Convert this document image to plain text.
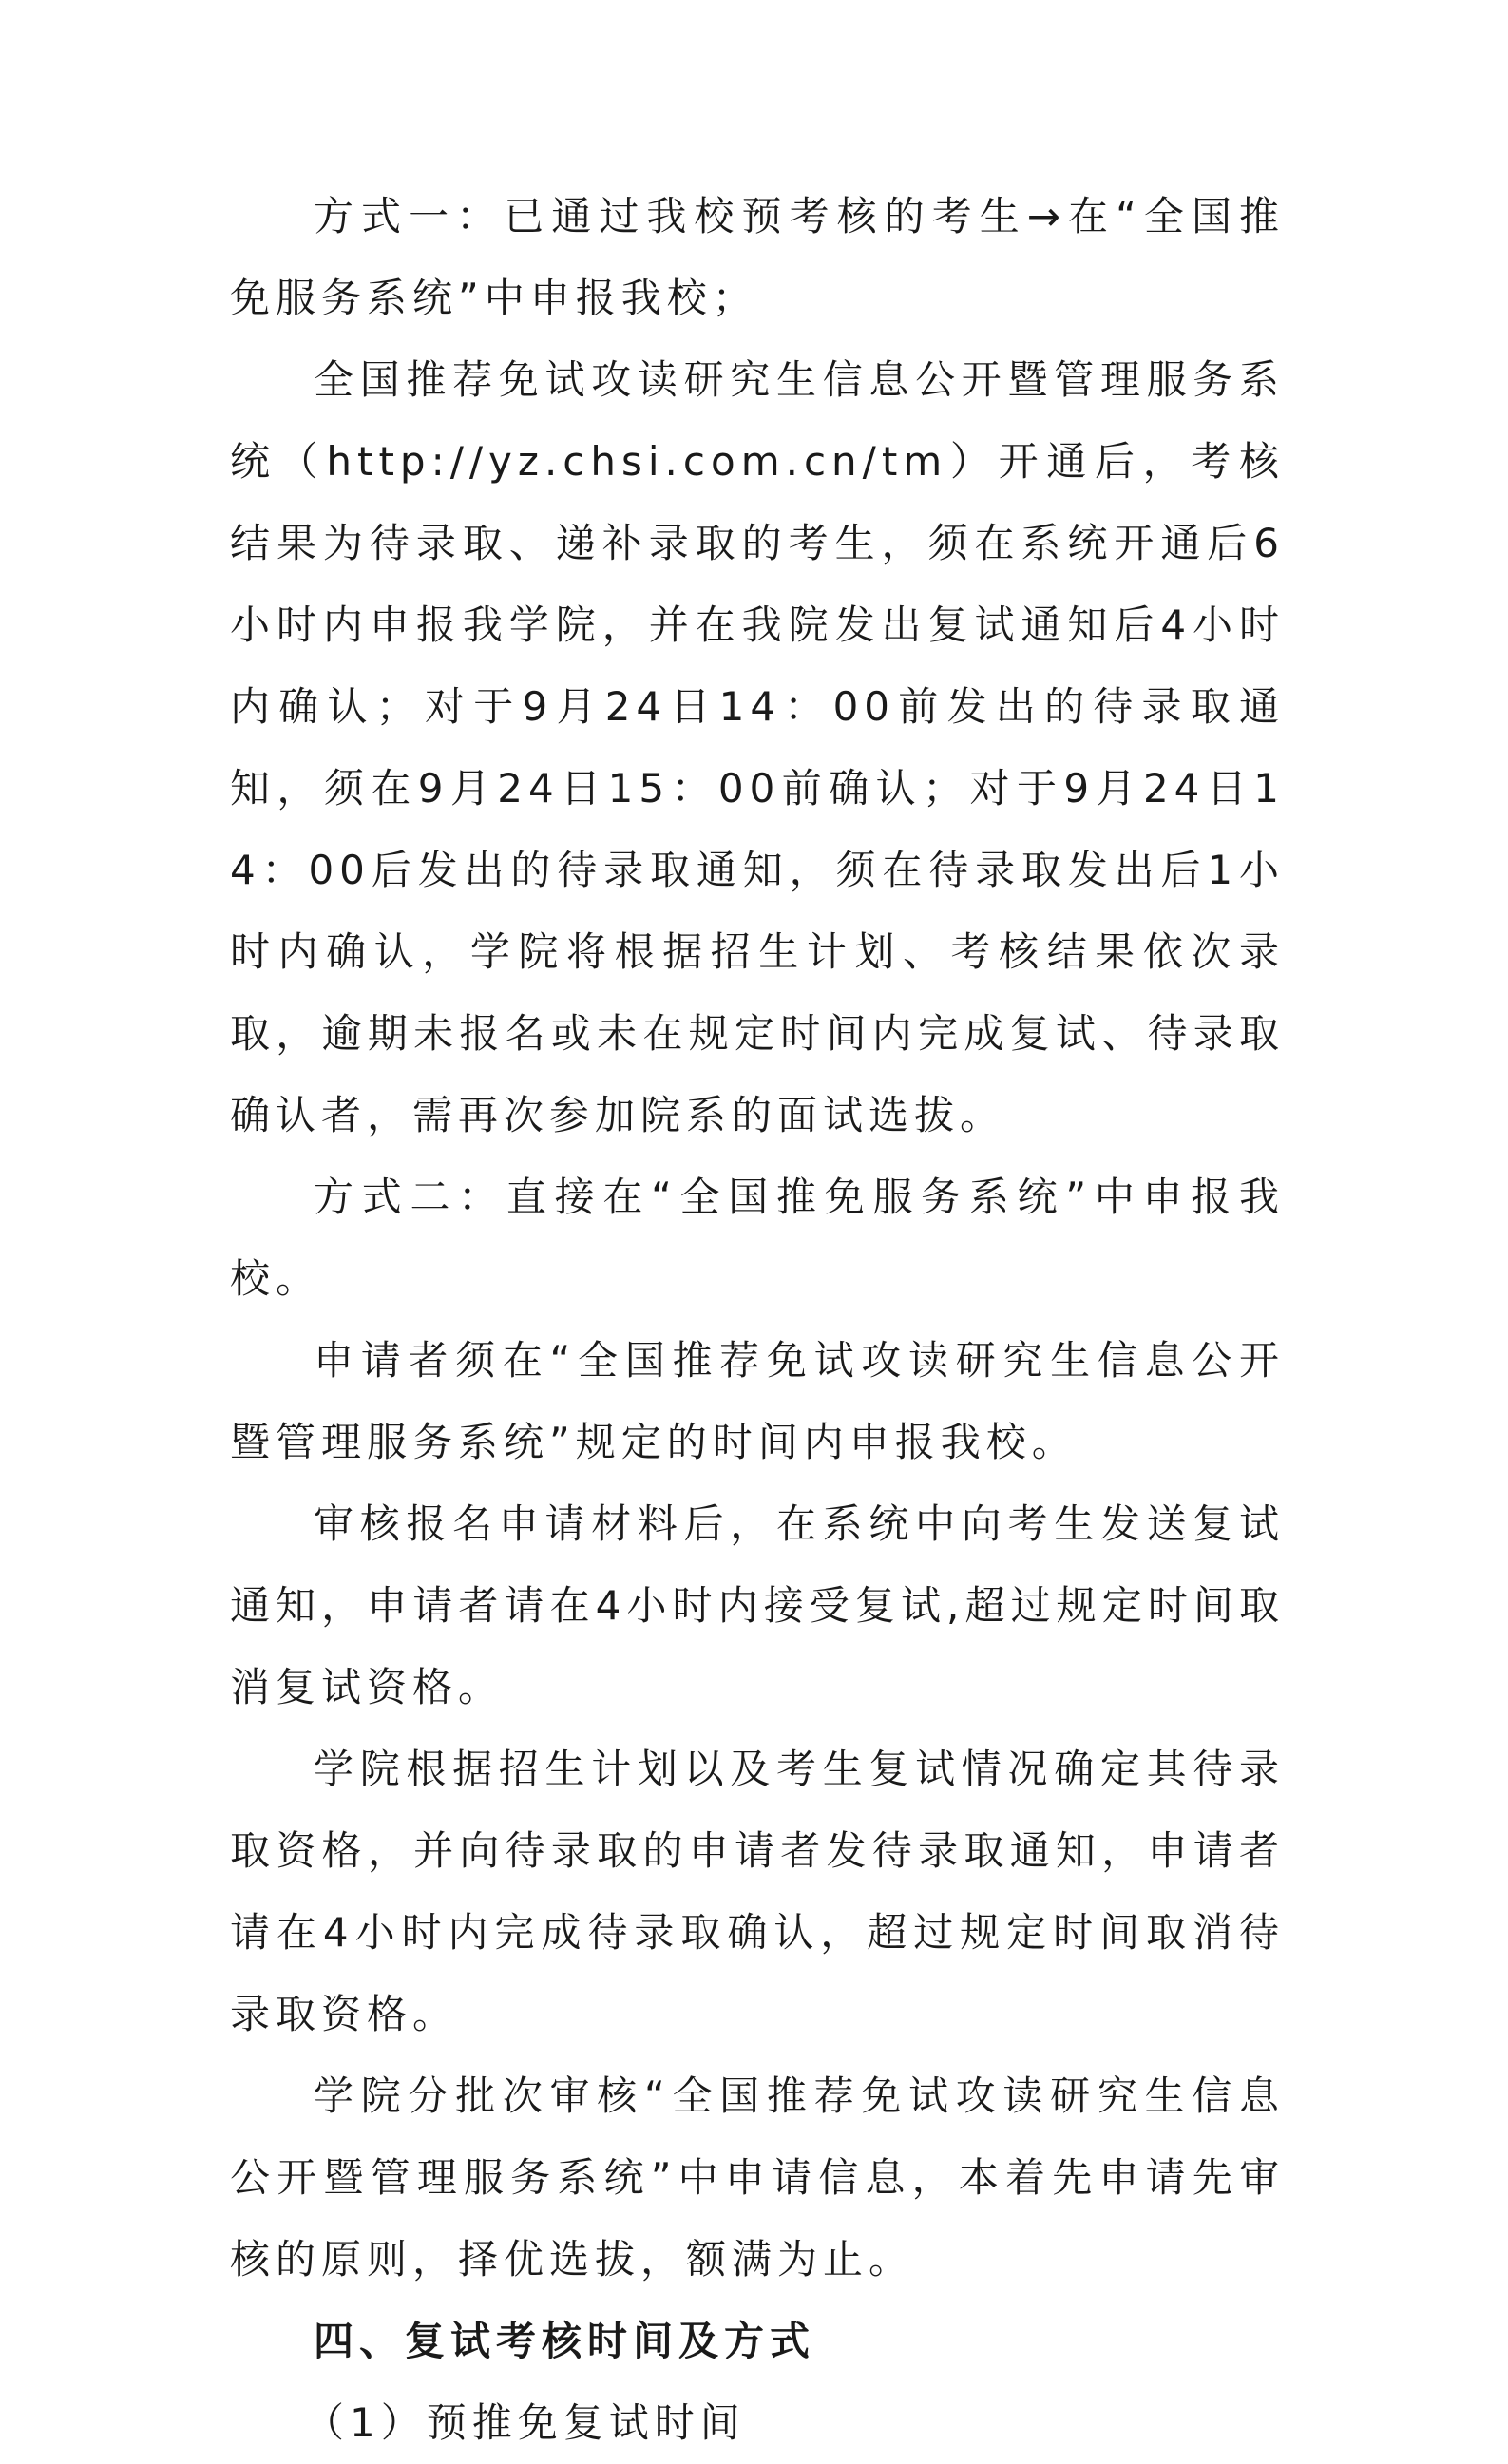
方式一：已通过我校预考核的考生→在“全国推免服务系统”中申报我校；

全国推荐免试攻读研究生信息公开暨管理服务系统（http://yz.chsi.com.cn/tm）开通后，考核结果为待录取、递补录取的考生，须在系统开通后6小时内申报我学院，并在我院发出复试通知后4小时内确认；对于9月24日14：00前发出的待录取通知，须在9月24日15：00前确认；对于9月24日14：00后发出的待录取通知，须在待录取发出后1小时内确认，学院将根据招生计划、考核结果依次录取，逾期未报名或未在规定时间内完成复试、待录取确认者，需再次参加院系的面试选拔。

方式二：直接在“全国推免服务系统”中申报我校。

申请者须在“全国推荐免试攻读研究生信息公开暨管理服务系统”规定的时间内申报我校。

审核报名申请材料后，在系统中向考生发送复试通知，申请者请在4小时内接受复试,超过规定时间取消复试资格。

学院根据招生计划以及考生复试情况确定其待录取资格，并向待录取的申请者发待录取通知，申请者请在4小时内完成待录取确认，超过规定时间取消待录取资格。

学院分批次审核“全国推荐免试攻读研究生信息公开暨管理服务系统”中申请信息，本着先申请先审核的原则，择优选拔，额满为止。

四、复试考核时间及方式

（1）预推免复试时间
